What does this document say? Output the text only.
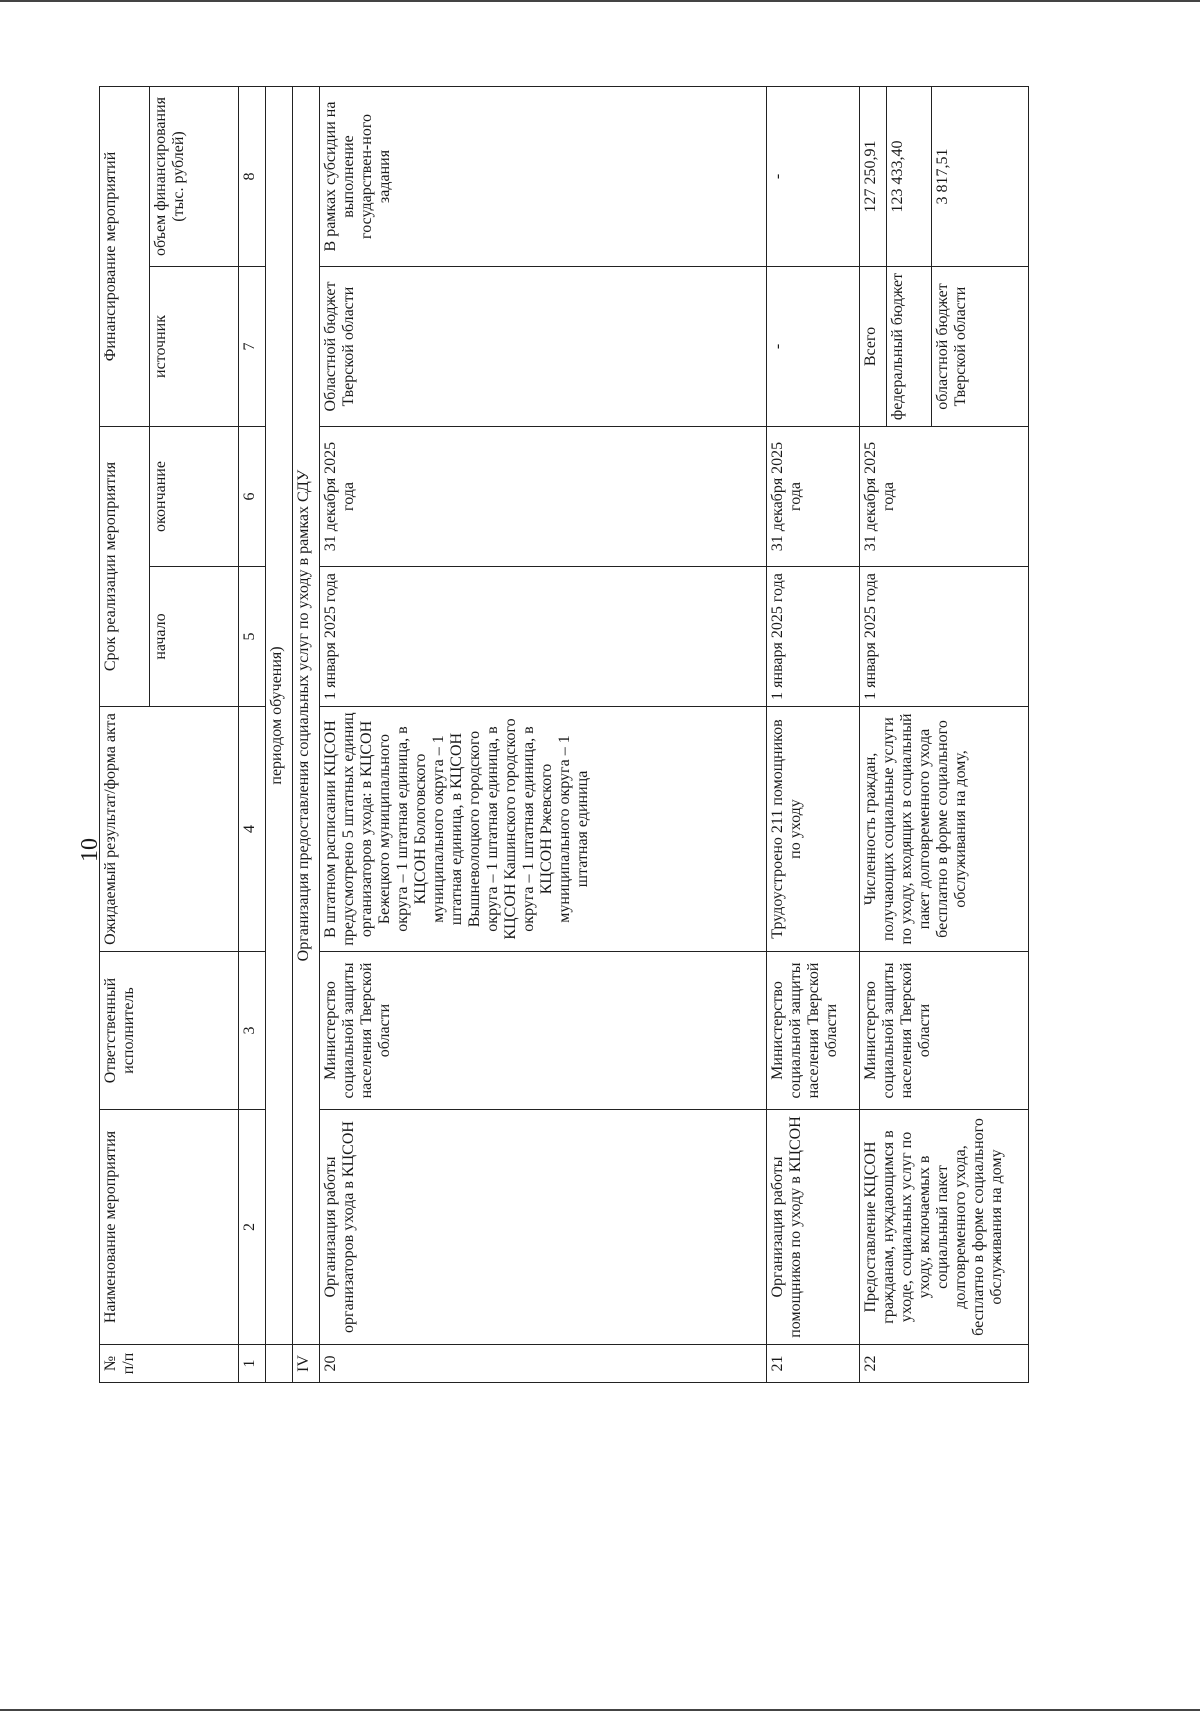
10
№
п/п	Наименование мероприятия	Ответственный исполнитель	Ожидаемый результат/форма акта	Срок реализации мероприятия		Финансирование мероприятий	
				начало	окончание	источник	объем финансирования (тыс. рублей)
1	2	3	4	5	6	7	8
	периодом обучения)						
IV	Организация предоставления социальных услуг по уходу в рамках СДУ						
20	Организация работы организаторов ухода в КЦСОН	Министерство социальной защиты населения Тверской области	В штатном расписании КЦСОН предусмотрено 5 штатных единиц организаторов ухода: в КЦСОН Бежецкого муниципального округа – 1 штатная единица, в КЦСОН Бологовского муниципального округа – 1 штатная единица, в КЦСОН Вышневолоцкого городского округа – 1 штатная единица, в КЦСОН Кашинского городского округа – 1 штатная единица, в КЦСОН Ржевского муниципального округа – 1 штатная единица	1 января 2025 года	31 декабря 2025 года	Областной бюджет Тверской области	В рамках субсидии на выполнение государствен-ного задания
21	Организация работы помощников по уходу в КЦСОН	Министерство социальной защиты населения Тверской области	Трудоустроено 211 помощников по уходу	1 января 2025 года	31 декабря 2025 года	-	-
22	Предоставление КЦСОН гражданам, нуждающимся в уходе, социальных услуг по уходу, включаемых в социальный пакет долговременного ухода, бесплатно в форме социального обслуживания на дому	Министерство социальной защиты населения Тверской области	Численность граждан, получающих социальные услуги по уходу, входящих в социальный пакет долговременного ухода бесплатно в форме социального обслуживания на дому,	1 января 2025 года	31 декабря 2025 года	Всего	127 250,91
						федеральный бюджет	123 433,40
						областной бюджет Тверской области	3 817,51
